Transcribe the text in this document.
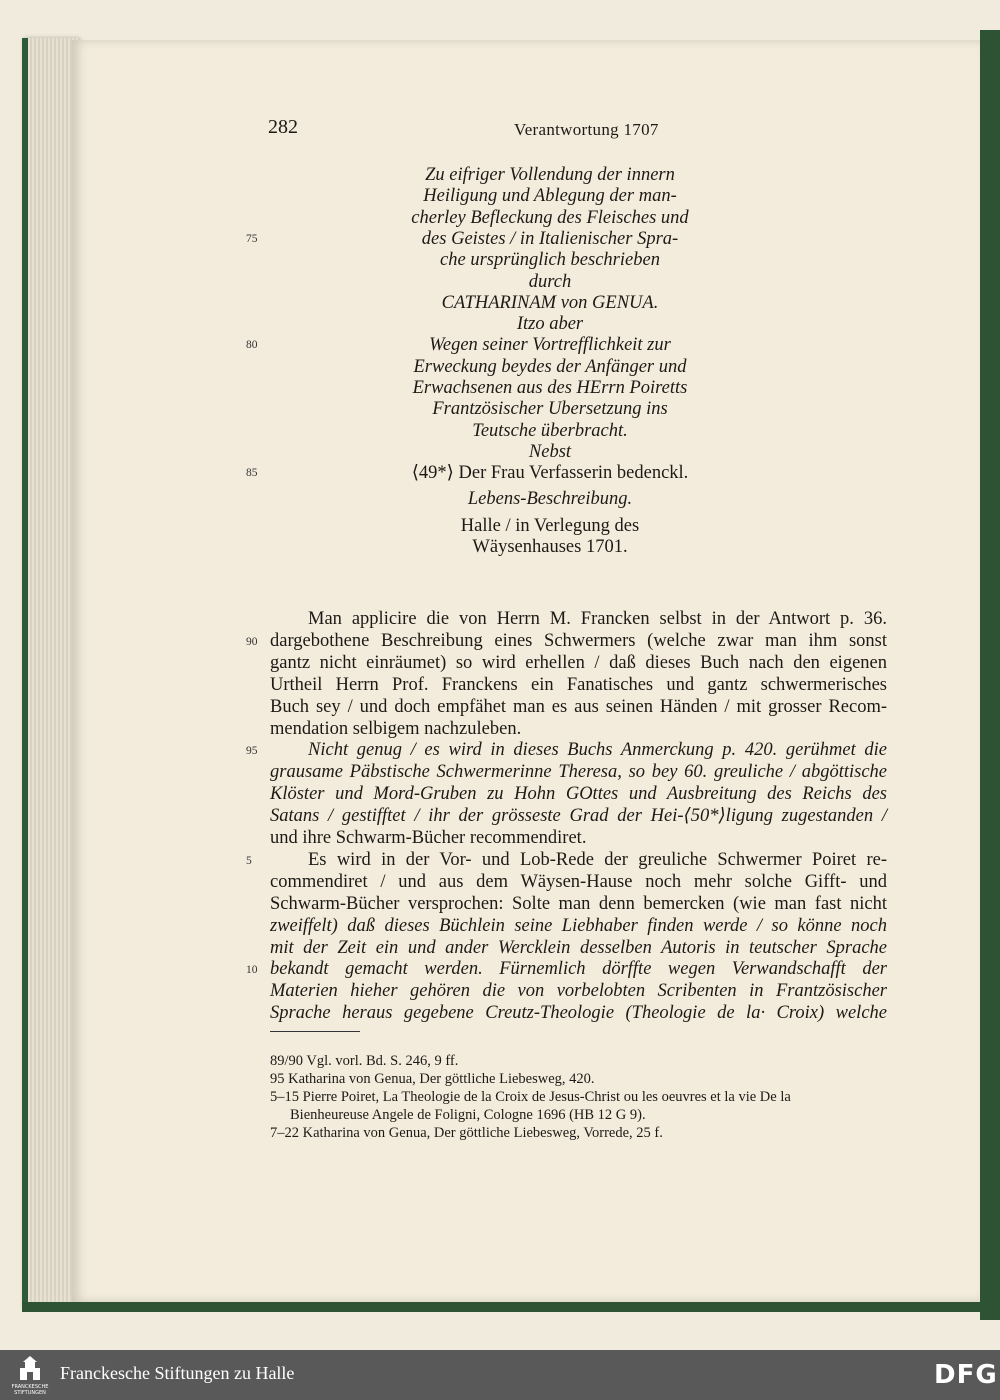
282	Verantwortung 1707
Zu eifriger Vollendung der innern
Heiligung und Ablegung der man-
cherley Befleckung des Fleisches und
des Geistes / in Italienischer Spra-
75
che ursprünglich beschrieben
durch
CATHARINAM von GENUA.
Itzo aber
Wegen seiner Vortrefflichkeit zur
80
Erweckung beydes der Anfänger und
Erwachsenen aus des HErrn Poiretts
Frantzösischer Ubersetzung ins
Teutsche überbracht.
Nebst
⟨49*⟩ Der Frau Verfasserin bedenckl.
85
Lebens-Beschreibung.
Halle / in Verlegung des
Wäysenhauses 1701.
Man applicire die von Herrn M. Francken selbst in der Antwort p. 36.
dargebothene Beschreibung eines Schwermers (welche zwar man ihm sonst
90
gantz nicht einräumet) so wird erhellen / daß dieses Buch nach den eigenen
Urtheil Herrn Prof. Franckens ein Fanatisches und gantz schwermerisches
Buch sey / und doch empfähet man es aus seinen Händen / mit grosser Recom-
mendation selbigem nachzuleben.
Nicht genug / es wird in dieses Buchs Anmerckung p. 420. gerühmet die
95
grausame Päbstische Schwermerinne Theresa, so bey 60. greuliche / abgöttische
Klöster und Mord-Gruben zu Hohn GOttes und Ausbreitung des Reichs des
Satans / gestifftet / ihr der grösseste Grad der Hei-⟨50*⟩ligung zugestanden /
und ihre Schwarm-Bücher recommendiret.
Es wird in der Vor- und Lob-Rede der greuliche Schwermer Poiret re-
5
commendiret / und aus dem Wäysen-Hause noch mehr solche Gifft- und
Schwarm-Bücher versprochen: Solte man denn bemercken (wie man fast nicht
zweiffelt) daß dieses Büchlein seine Liebhaber finden werde / so könne noch
mit der Zeit ein und ander Wercklein desselben Autoris in teutscher Sprache
bekandt gemacht werden. Fürnemlich dörffte wegen Verwandschafft der
10
Materien hieher gehören die von vorbelobten Scribenten in Frantzösischer
Sprache heraus gegebene Creutz-Theologie (Theologie de la· Croix) welche
89/90 Vgl. vorl. Bd. S. 246, 9 ff.
95 Katharina von Genua, Der göttliche Liebesweg, 420.
5–15 Pierre Poiret, La Theologie de la Croix de Jesus-Christ ou les oeuvres et la vie De la
Bienheureuse Angele de Foligni, Cologne 1696 (HB 12 G 9).
7–22 Katharina von Genua, Der göttliche Liebesweg, Vorrede, 25 f.
FRANCKESCHE STIFTUNGEN
Franckesche Stiftungen zu Halle	DFG
